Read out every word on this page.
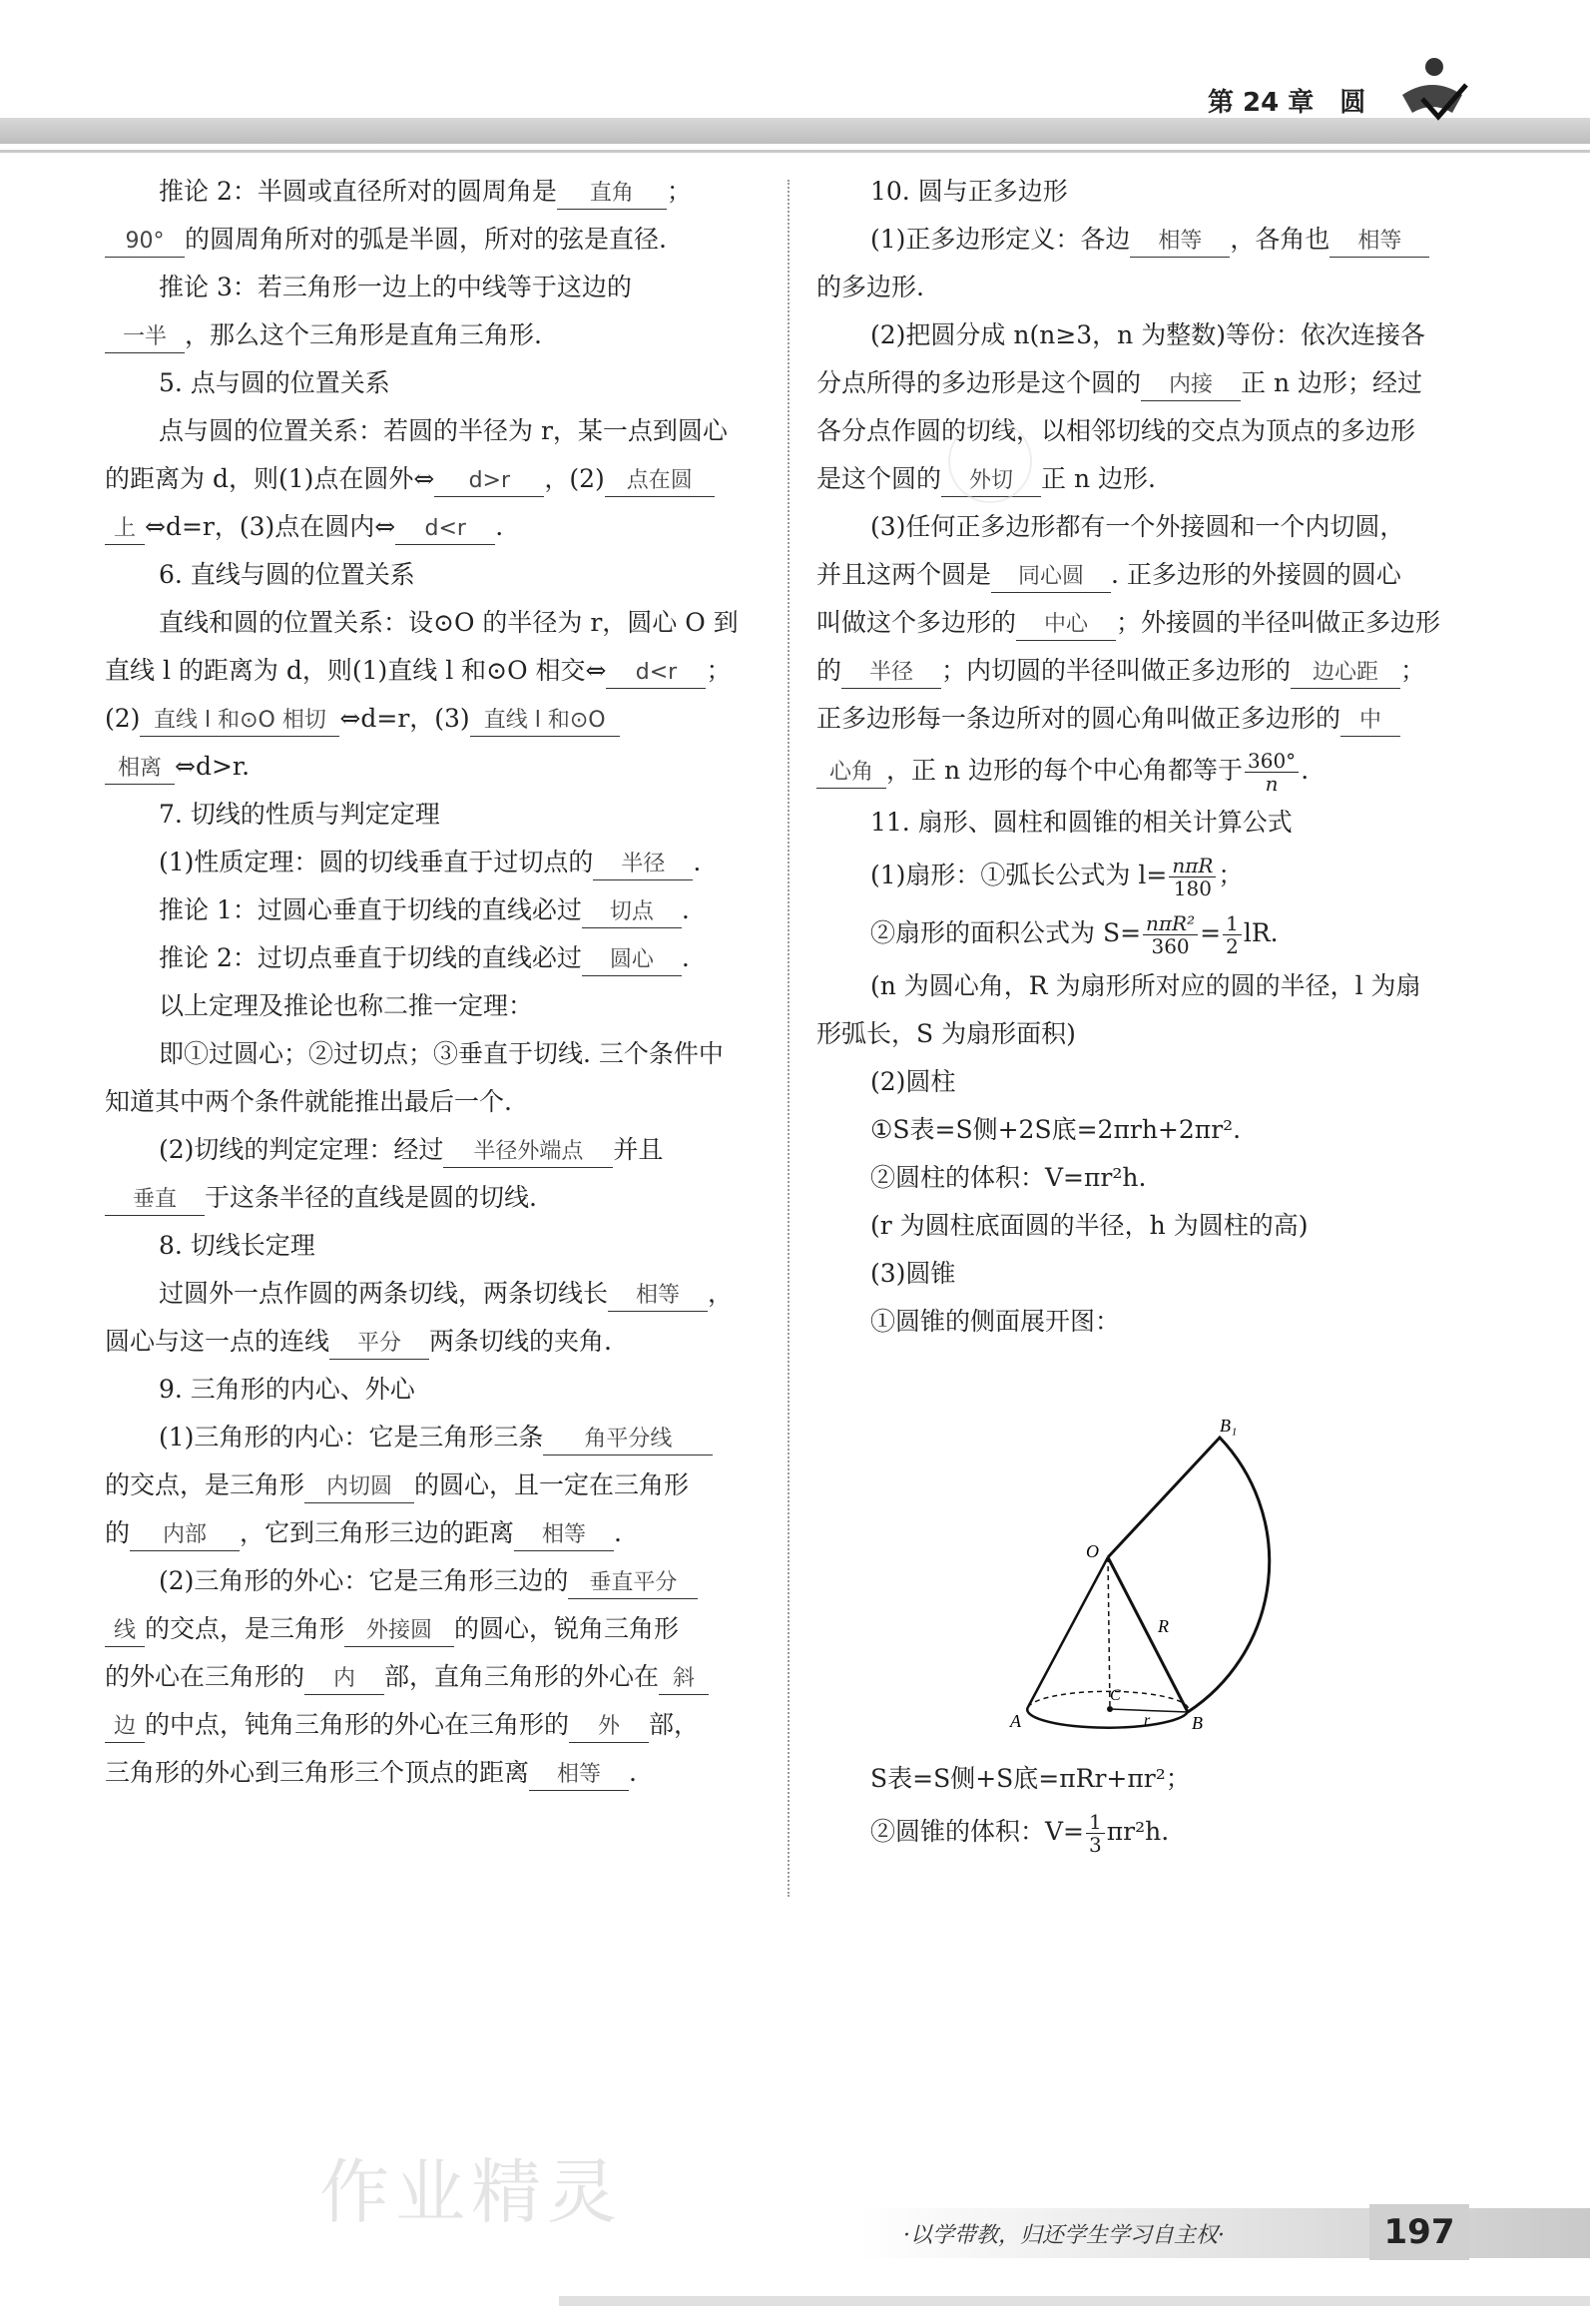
第 24 章　圆

推论 2：半圆或直径所对的圆周角是 直角 ；

90° 的圆周角所对的弧是半圆，所对的弦是直径.

推论 3：若三角形一边上的中线等于这边的

一半 ，那么这个三角形是直角三角形.

5. 点与圆的位置关系

点与圆的位置关系：若圆的半径为 r，某一点到圆心

的距离为 d，则(1)点在圆外⇔ d>r ，(2) 点在圆

上 ⇔d=r，(3)点在圆内⇔ d<r .

6. 直线与圆的位置关系

直线和圆的位置关系：设⊙O 的半径为 r，圆心 O 到

直线 l 的距离为 d，则(1)直线 l 和⊙O 相交⇔ d<r ；

(2) 直线 l 和⊙O 相切 ⇔d=r，(3) 直线 l 和⊙O

相离 ⇔d>r.

7. 切线的性质与判定定理

(1)性质定理：圆的切线垂直于过切点的 半径 .

推论 1：过圆心垂直于切线的直线必过 切点 .

推论 2：过切点垂直于切线的直线必过 圆心 .

以上定理及推论也称二推一定理：

即①过圆心；②过切点；③垂直于切线. 三个条件中

知道其中两个条件就能推出最后一个.

(2)切线的判定定理：经过 半径外端点 并且

垂直 于这条半径的直线是圆的切线.

8. 切线长定理

过圆外一点作圆的两条切线，两条切线长 相等 ，

圆心与这一点的连线 平分 两条切线的夹角.

9. 三角形的内心、外心

(1)三角形的内心：它是三角形三条 角平分线

的交点，是三角形 内切圆 的圆心，且一定在三角形

的 内部 ，它到三角形三边的距离 相等 .

(2)三角形的外心：它是三角形三边的 垂直平分

线 的交点，是三角形 外接圆 的圆心，锐角三角形

的外心在三角形的 内 部，直角三角形的外心在 斜

边 的中点，钝角三角形的外心在三角形的 外 部，

三角形的外心到三角形三个顶点的距离 相等 .

10. 圆与正多边形

(1)正多边形定义：各边 相等 ，各角也 相等

的多边形.

(2)把圆分成 n(n≥3，n 为整数)等份：依次连接各

分点所得的多边形是这个圆的 内接 正 n 边形；经过

各分点作圆的切线，以相邻切线的交点为顶点的多边形

是这个圆的 外切 正 n 边形.

(3)任何正多边形都有一个外接圆和一个内切圆，

并且这两个圆是 同心圆 . 正多边形的外接圆的圆心

叫做这个多边形的 中心 ；外接圆的半径叫做正多边形

的 半径 ；内切圆的半径叫做正多边形的 边心距 ；

正多边形每一条边所对的圆心角叫做正多边形的 中

心角 ，正 n 边形的每个中心角都等于 $\frac{360^\circ}{n}$ .

11. 扇形、圆柱和圆锥的相关计算公式

(1)扇形：①弧长公式为 $l= \frac{\text{nπR}}{180}$ ；

②扇形的面积公式为 $S= \frac{\text{nπR²}}{360} = \frac{1}{2}$ lR.

(n 为圆心角，R 为扇形所对应的圆的半径，l 为扇

形弧长，S 为扇形面积)

(2)圆柱

①S表=S侧+2S底=2πrh+2πr².

②圆柱的体积：V=πr²h.

(r 为圆柱底面圆的半径，h 为圆柱的高)

(3)圆锥

①圆锥的侧面展开图：

B₁
O
R
C
A	B
r

S表=S侧+S底=πRr+πr²；

②圆锥的体积：$V= \frac{1}{3} \pi r^2h$.

作业精灵
·以学带教，归还学生学习自主权·	197
